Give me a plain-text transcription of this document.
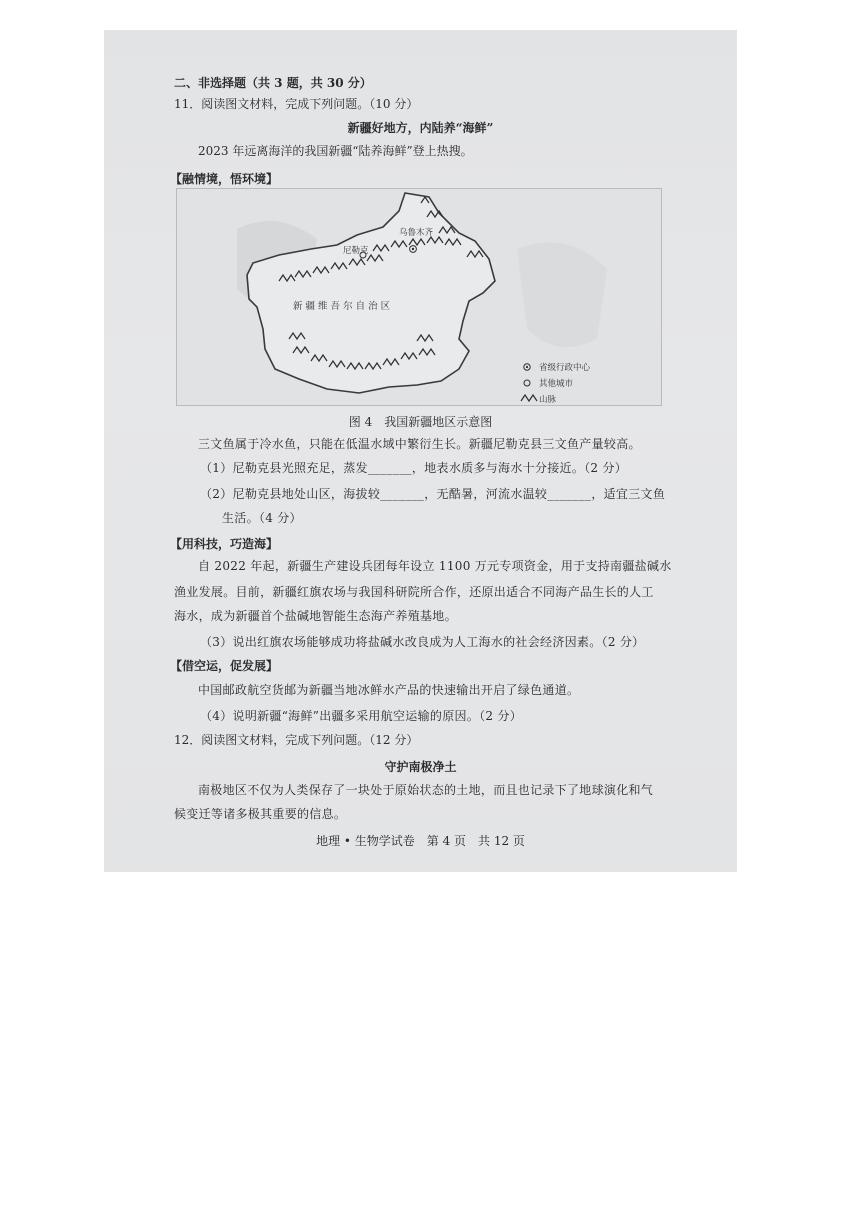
二、非选择题（共 3 题，共 30 分）
11．阅读图文材料，完成下列问题。（10 分）
新疆好地方，内陆养“海鲜”
2023 年远离海洋的我国新疆“陆养海鲜”登上热搜。
【融情境，悟环境】
乌鲁木齐
尼勒克
新 疆 维 吾 尔 自 治 区
省级行政中心
其他城市
山脉
图 4　我国新疆地区示意图
三文鱼属于冷水鱼，只能在低温水域中繁衍生长。新疆尼勒克县三文鱼产量较高。
（1）尼勒克县光照充足，蒸发_______，地表水质多与海水十分接近。（2 分）
（2）尼勒克县地处山区，海拔较_______，无酷暑，河流水温较_______，适宜三文鱼
生活。（4 分）
【用科技，巧造海】
自 2022 年起，新疆生产建设兵团每年设立 1100 万元专项资金，用于支持南疆盐碱水
渔业发展。目前，新疆红旗农场与我国科研院所合作，还原出适合不同海产品生长的人工
海水，成为新疆首个盐碱地智能生态海产养殖基地。
（3）说出红旗农场能够成功将盐碱水改良成为人工海水的社会经济因素。（2 分）
【借空运，促发展】
中国邮政航空货邮为新疆当地冰鲜水产品的快速输出开启了绿色通道。
（4）说明新疆“海鲜”出疆多采用航空运输的原因。（2 分）
12．阅读图文材料，完成下列问题。（12 分）
守护南极净土
南极地区不仅为人类保存了一块处于原始状态的土地，而且也记录下了地球演化和气
候变迁等诸多极其重要的信息。
地理 • 生物学试卷　第 4 页　共 12 页
